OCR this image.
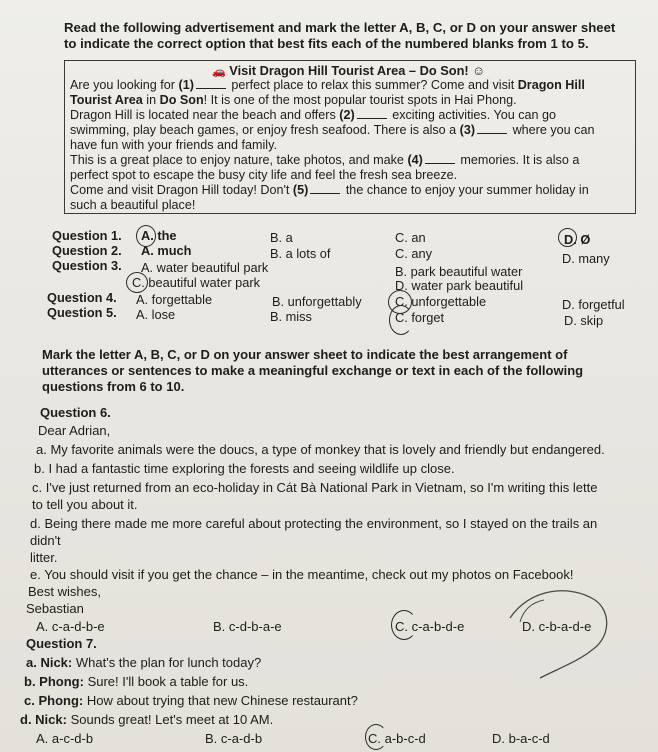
Read the following advertisement and mark the letter A, B, C, or D on your answer sheet
to indicate the correct option that best fits each of the numbered blanks from 1 to 5.
🚗 Visit Dragon Hill Tourist Area – Do Son! ☺
Are you looking for (1)	perfect place to relax this summer? Come and visit Dragon Hill
Tourist Area in Do Son! It is one of the most popular tourist spots in Hai Phong.
Dragon Hill is located near the beach and offers (2)	exciting activities. You can go
swimming, play beach games, or enjoy fresh seafood. There is also a (3)	where you can
have fun with your friends and family.
This is a great place to enjoy nature, take photos, and make (4)	memories. It is also a
perfect spot to escape the busy city life and feel the fresh sea breeze.
Come and visit Dragon Hill today! Don't (5)	the chance to enjoy your summer holiday in
such a beautiful place!
Question 1. A. the	B. a	C. an	D. Ø
Question 2. A. much	B. a lots of	C. any	D. many
Question 3. A. water beautiful park	B. park beautiful water
C. beautiful water park	D. water park beautiful
Question 4. A. forgettable	B. unforgettably	C. unforgettable	D. forgetful
Question 5. A. lose	B. miss	C. forget	D. skip
Mark the letter A, B, C, or D on your answer sheet to indicate the best arrangement of
utterances or sentences to make a meaningful exchange or text in each of the following
questions from 6 to 10.
Question 6.
Dear Adrian,
a. My favorite animals were the doucs, a type of monkey that is lovely and friendly but endangered.
b. I had a fantastic time exploring the forests and seeing wildlife up close.
c. I've just returned from an eco-holiday in Cát Bà National Park in Vietnam, so I'm writing this lette
to tell you about it.
d. Being there made me more careful about protecting the environment, so I stayed on the trails an
didn't
litter.
e. You should visit if you get the chance – in the meantime, check out my photos on Facebook!
Best wishes,
Sebastian
A. c-a-d-b-e	B. c-d-b-a-e	C. c-a-b-d-e	D. c-b-a-d-e
Question 7.
a. Nick: What's the plan for lunch today?
b. Phong: Sure! I'll book a table for us.
c. Phong: How about trying that new Chinese restaurant?
d. Nick: Sounds great! Let's meet at 10 AM.
A. a-c-d-b	B. c-a-d-b	C. a-b-c-d	D. b-a-c-d
